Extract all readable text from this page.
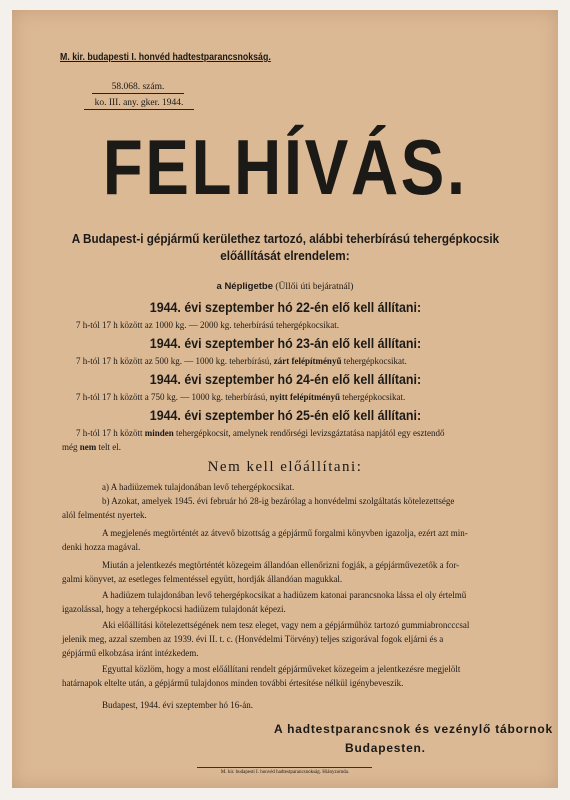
M. kir. budapesti I. honvéd hadtestparancsnokság.
58.068. szám.
ko. III. any. gker. 1944.
FELHÍVÁS.
A Budapest-i gépjármű kerülethez tartozó, alábbi teherbírású tehergépkocsik
előállítását elrendelem:
a Népligetbe (Üllői úti bejáratnál)
1944. évi szeptember hó 22-én elő kell állítani:
7 h-tól 17 h között az 1000 kg. — 2000 kg. teherbírású tehergépkocsikat.
1944. évi szeptember hó 23-án elő kell állítani:
7 h-tól 17 h között az 500 kg. — 1000 kg. teherbírású, zárt felépítményű tehergépkocsikat.
1944. évi szeptember hó 24-én elő kell állítani:
7 h-tól 17 h között a 750 kg. — 1000 kg. teherbírású, nyitt felépítményű tehergépkocsikat.
1944. évi szeptember hó 25-én elő kell állítani:
7 h-tól 17 h között minden tehergépkocsit, amelynek rendőrségi levizsgáztatása napjától egy esztendő
még nem telt el.
Nem kell előállítani:
a) A hadiüzemek tulajdonában levő tehergépkocsikat.
b) Azokat, amelyek 1945. évi február hó 28-ig bezárólag a honvédelmi szolgáltatás kötelezettsége
alól felmentést nyertek.
A megjelenés megtörténtét az átvevő bizottság a gépjármű forgalmi könyvben igazolja, ezért azt min-
denki hozza magával.
Miután a jelentkezés megtörténtét közegeim állandóan ellenőrizni fogják, a gépjárművezetők a for-
galmi könyvet, az esetleges felmentéssel együtt, hordják állandóan magukkal.
A hadiüzem tulajdonában levő tehergépkocsikat a hadiüzem katonai parancsnoka lássa el oly értelmű
igazolással, hogy a tehergépkocsi hadiüzem tulajdonát képezi.
Aki előállítási kötelezettségének nem tesz eleget, vagy nem a gépjárműhöz tartozó gummiabroncccsal
jelenik meg, azzal szemben az 1939. évi II. t. c. (Honvédelmi Törvény) teljes szigorával fogok eljárni és a
gépjármű elkobzása iránt intézkedem.
Egyuttal közlöm, hogy a most előállítani rendelt gépjárműveket közegeim a jelentkezésre megjelölt
határnapok eltelte után, a gépjármű tulajdonos minden további értesítése nélkül igénybeveszik.
Budapest, 1944. évi szeptember hó 16-án.
A hadtestparancsnok és vezénylő tábornok
Budapesten.
M. kir. budapesti I. honvéd hadtestparancsnokság. Hiányzomda.
